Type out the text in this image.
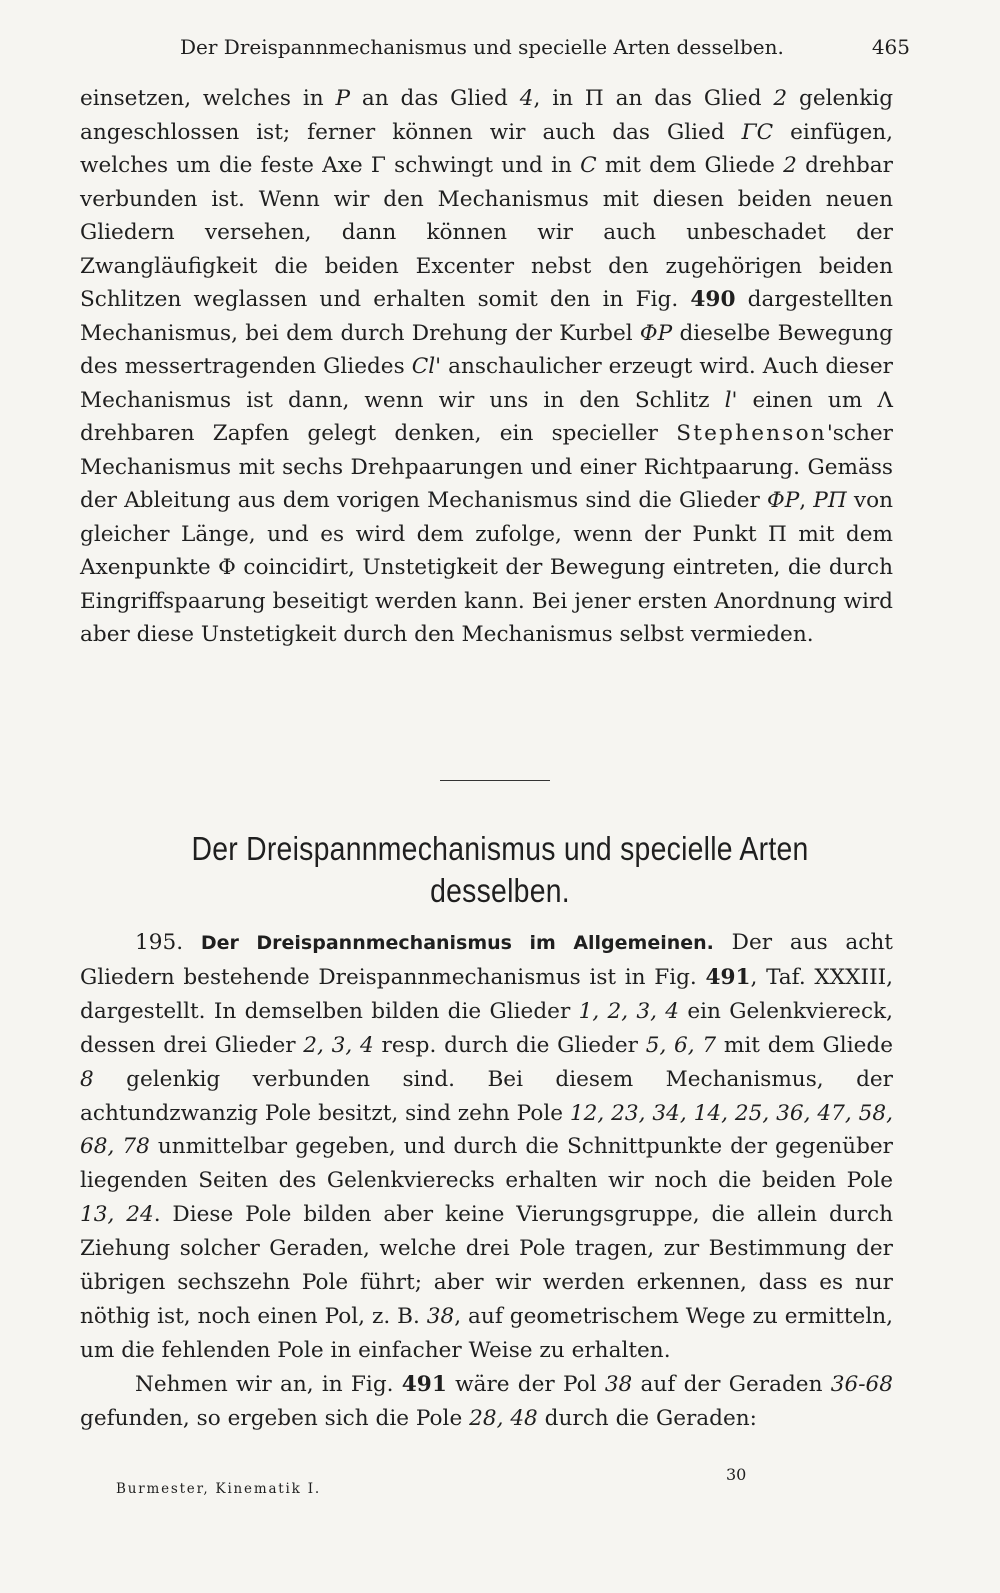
Der Dreispannmechanismus und specielle Arten desselben.	465

einsetzen, welches in P an das Glied 4, in Π an das Glied 2 gelenkig angeschlossen ist; ferner können wir auch das Glied ΓC einfügen, welches um die feste Axe Γ schwingt und in C mit dem Gliede 2 drehbar verbunden ist. Wenn wir den Mechanismus mit diesen beiden neuen Gliedern versehen, dann können wir auch unbeschadet der Zwangläufigkeit die beiden Excenter nebst den zugehörigen beiden Schlitzen weglassen und erhalten somit den in Fig. 490 dargestellten Mechanismus, bei dem durch Drehung der Kurbel ΦP dieselbe Bewegung des messertragenden Gliedes Cl' anschaulicher erzeugt wird. Auch dieser Mechanismus ist dann, wenn wir uns in den Schlitz l' einen um Λ drehbaren Zapfen gelegt denken, ein specieller Stephenson'scher Mechanismus mit sechs Drehpaarungen und einer Richtpaarung. Gemäss der Ableitung aus dem vorigen Mechanismus sind die Glieder ΦP, PΠ von gleicher Länge, und es wird dem zufolge, wenn der Punkt Π mit dem Axenpunkte Φ coincidirt, Unstetigkeit der Bewegung eintreten, die durch Eingriffspaarung beseitigt werden kann. Bei jener ersten Anordnung wird aber diese Unstetigkeit durch den Mechanismus selbst vermieden.

Der Dreispannmechanismus und specielle Arten desselben.

195. Der Dreispannmechanismus im Allgemeinen. Der aus acht Gliedern bestehende Dreispannmechanismus ist in Fig. 491, Taf. XXXIII, dargestellt. In demselben bilden die Glieder 1, 2, 3, 4 ein Gelenkviereck, dessen drei Glieder 2, 3, 4 resp. durch die Glieder 5, 6, 7 mit dem Gliede 8 gelenkig verbunden sind. Bei diesem Mechanismus, der achtundzwanzig Pole besitzt, sind zehn Pole 12, 23, 34, 14, 25, 36, 47, 58, 68, 78 unmittelbar gegeben, und durch die Schnittpunkte der gegenüber liegenden Seiten des Gelenkvierecks erhalten wir noch die beiden Pole 13, 24. Diese Pole bilden aber keine Vierungsgruppe, die allein durch Ziehung solcher Geraden, welche drei Pole tragen, zur Bestimmung der übrigen sechszehn Pole führt; aber wir werden erkennen, dass es nur nöthig ist, noch einen Pol, z. B. 38, auf geometrischem Wege zu ermitteln, um die fehlenden Pole in einfacher Weise zu erhalten.

Nehmen wir an, in Fig. 491 wäre der Pol 38 auf der Geraden 36-68 gefunden, so ergeben sich die Pole 28, 48 durch die Geraden:

Burmester, Kinematik I.
30
